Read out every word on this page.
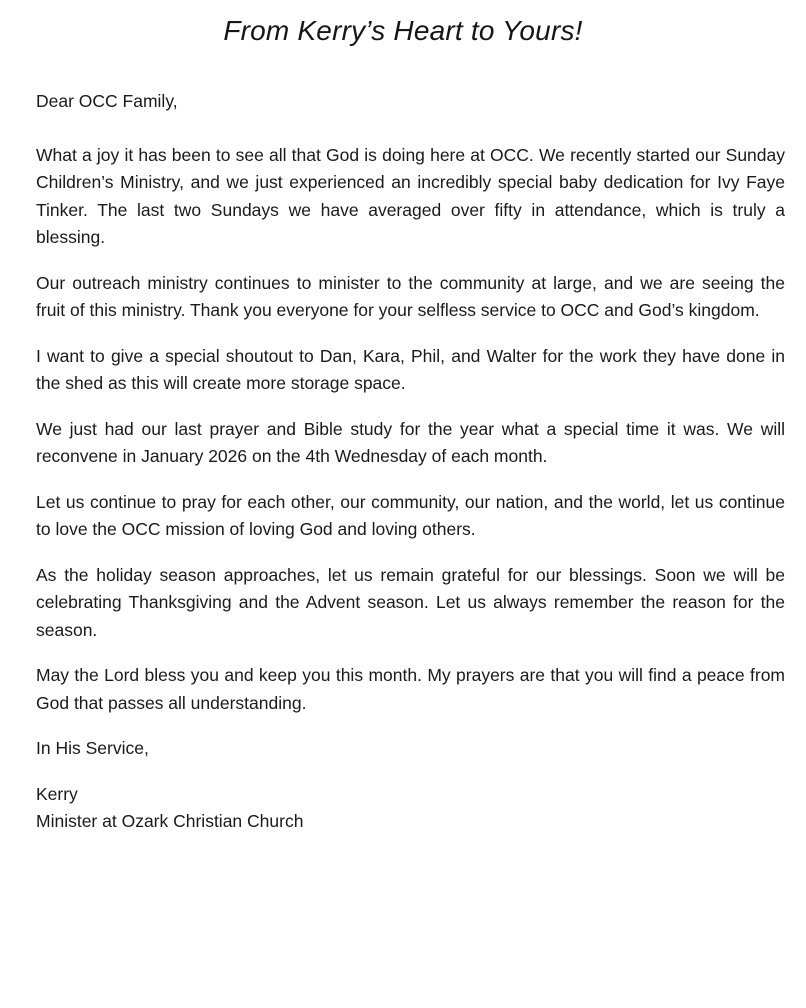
From Kerry’s Heart to Yours!

Dear OCC Family,

What a joy it has been to see all that God is doing here at OCC. We recently started our Sunday Children’s Ministry, and we just experienced an incredibly special baby dedication for Ivy Faye Tinker. The last two Sundays we have averaged over fifty in attendance, which is truly a blessing.

Our outreach ministry continues to minister to the community at large, and we are seeing the fruit of this ministry. Thank you everyone for your selfless service to OCC and God’s kingdom.

I want to give a special shoutout to Dan, Kara, Phil, and Walter for the work they have done in the shed as this will create more storage space.

We just had our last prayer and Bible study for the year what a special time it was. We will reconvene in January 2026 on the 4th Wednesday of each month.

Let us continue to pray for each other, our community, our nation, and the world, let us continue to love the OCC mission of loving God and loving others.

As the holiday season approaches, let us remain grateful for our blessings. Soon we will be celebrating Thanksgiving and the Advent season. Let us always remember the reason for the season.

May the Lord bless you and keep you this month. My prayers are that you will find a peace from God that passes all understanding.

In His Service,

Kerry
Minister at Ozark Christian Church
